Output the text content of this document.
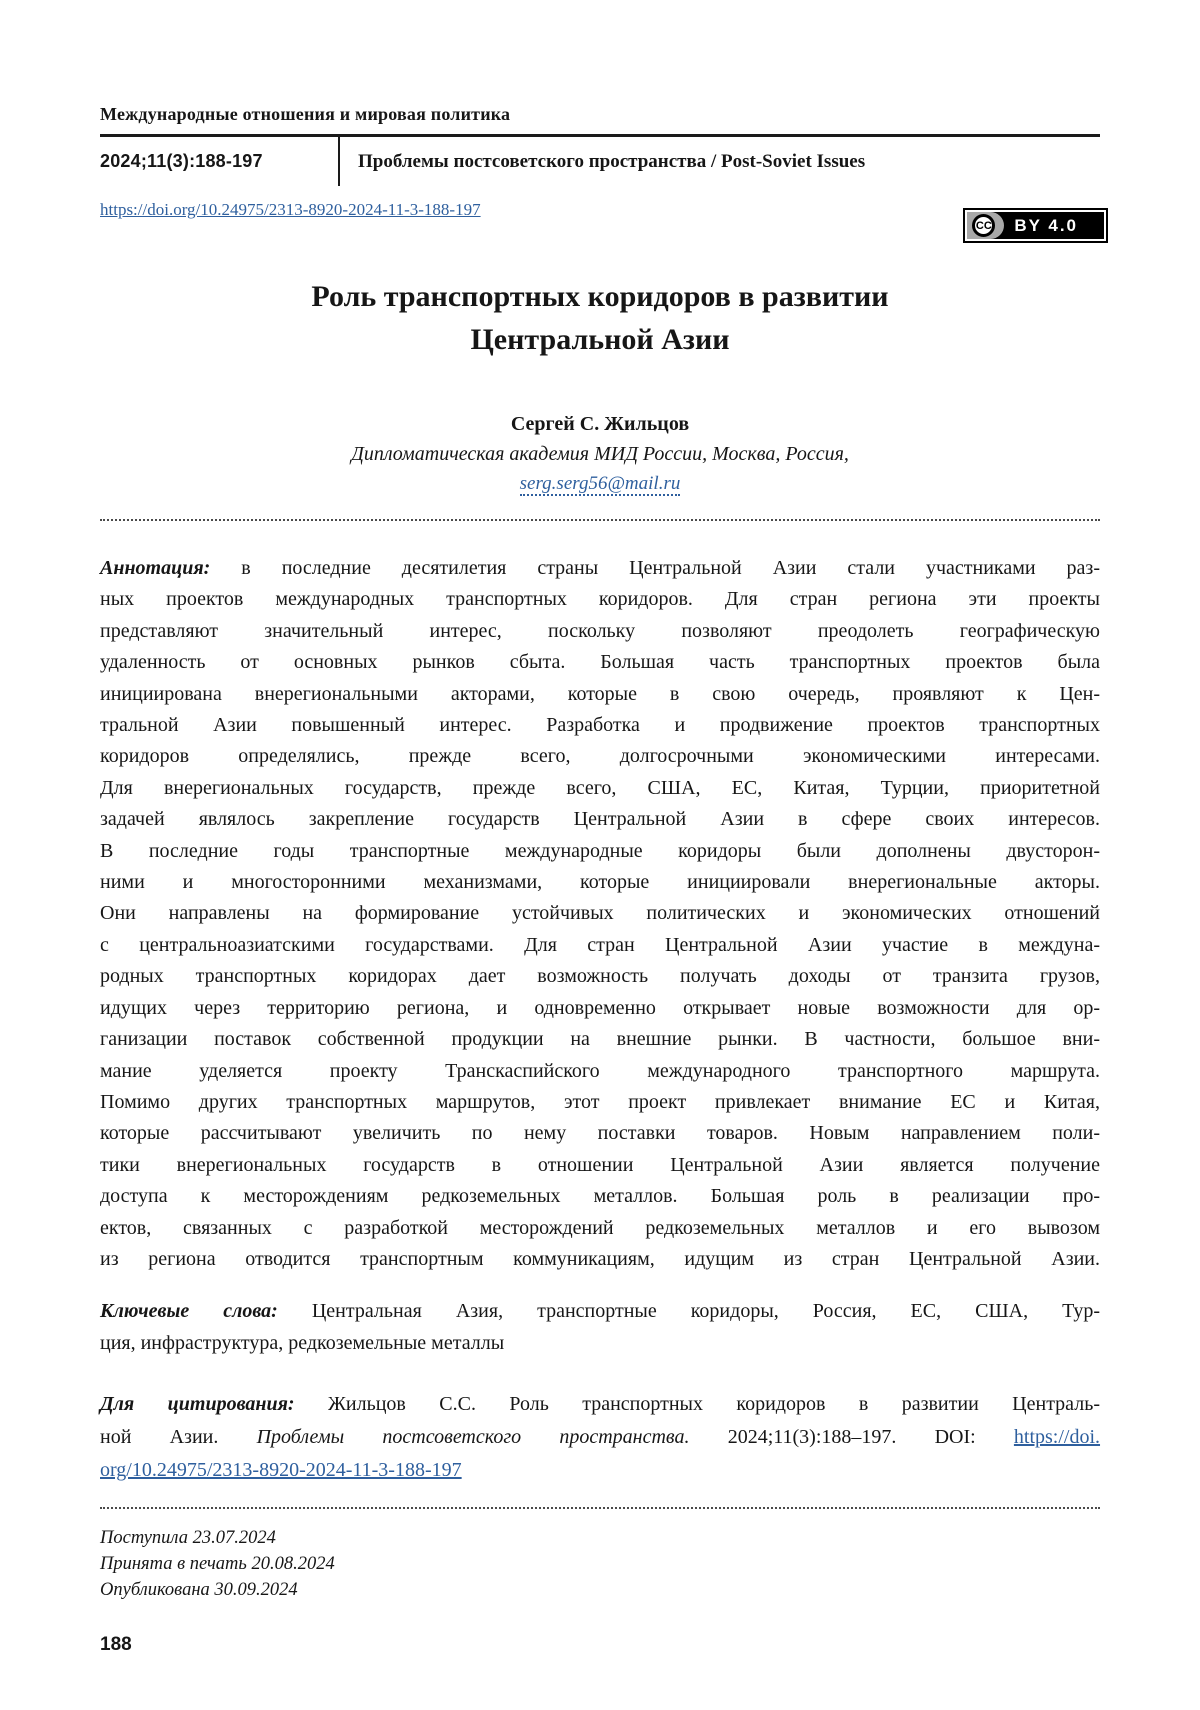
Международные отношения и мировая политика
2024;11(3):188-197	Проблемы постсоветского пространства / Post-Soviet Issues
https://doi.org/10.24975/2313-8920-2024-11-3-188-197
CC	BY 4.0
Роль транспортных коридоров в развитии
Центральной Азии
Сергей С. Жильцов
Дипломатическая академия МИД России, Москва, Россия,
serg.serg56@mail.ru
Аннотация: в последние десятилетия страны Центральной Азии стали участниками раз-
ных проектов международных транспортных коридоров. Для стран региона эти проекты
представляют значительный интерес, поскольку позволяют преодолеть географическую
удаленность от основных рынков сбыта. Большая часть транспортных проектов была
инициирована внерегиональными акторами, которые в свою очередь, проявляют к Цен-
тральной Азии повышенный интерес. Разработка и продвижение проектов транспортных
коридоров определялись, прежде всего, долгосрочными экономическими интересами.
Для внерегиональных государств, прежде всего, США, ЕС, Китая, Турции, приоритетной
задачей являлось закрепление государств Центральной Азии в сфере своих интересов.
В последние годы транспортные международные коридоры были дополнены двусторон-
ними и многосторонними механизмами, которые инициировали внерегиональные акторы.
Они направлены на формирование устойчивых политических и экономических отношений
с центральноазиатскими государствами. Для стран Центральной Азии участие в междуна-
родных транспортных коридорах дает возможность получать доходы от транзита грузов,
идущих через территорию региона, и одновременно открывает новые возможности для ор-
ганизации поставок собственной продукции на внешние рынки. В частности, большое вни-
мание уделяется проекту Транскаспийского международного транспортного маршрута.
Помимо других транспортных маршрутов, этот проект привлекает внимание ЕС и Китая,
которые рассчитывают увеличить по нему поставки товаров. Новым направлением поли-
тики внерегиональных государств в отношении Центральной Азии является получение
доступа к месторождениям редкоземельных металлов. Большая роль в реализации про-
ектов, связанных с разработкой месторождений редкоземельных металлов и его вывозом
из региона отводится транспортным коммуникациям, идущим из стран Центральной Азии.
Ключевые слова: Центральная Азия, транспортные коридоры, Россия, ЕС, США, Тур-
ция, инфраструктура, редкоземельные металлы
Для цитирования: Жильцов С.С. Роль транспортных коридоров в развитии Централь-
ной Азии. Проблемы постсоветского пространства. 2024;11(3):188–197. DOI: https://doi.
org/10.24975/2313-8920-2024-11-3-188-197
Поступила 23.07.2024
Принята в печать 20.08.2024
Опубликована 30.09.2024
188
